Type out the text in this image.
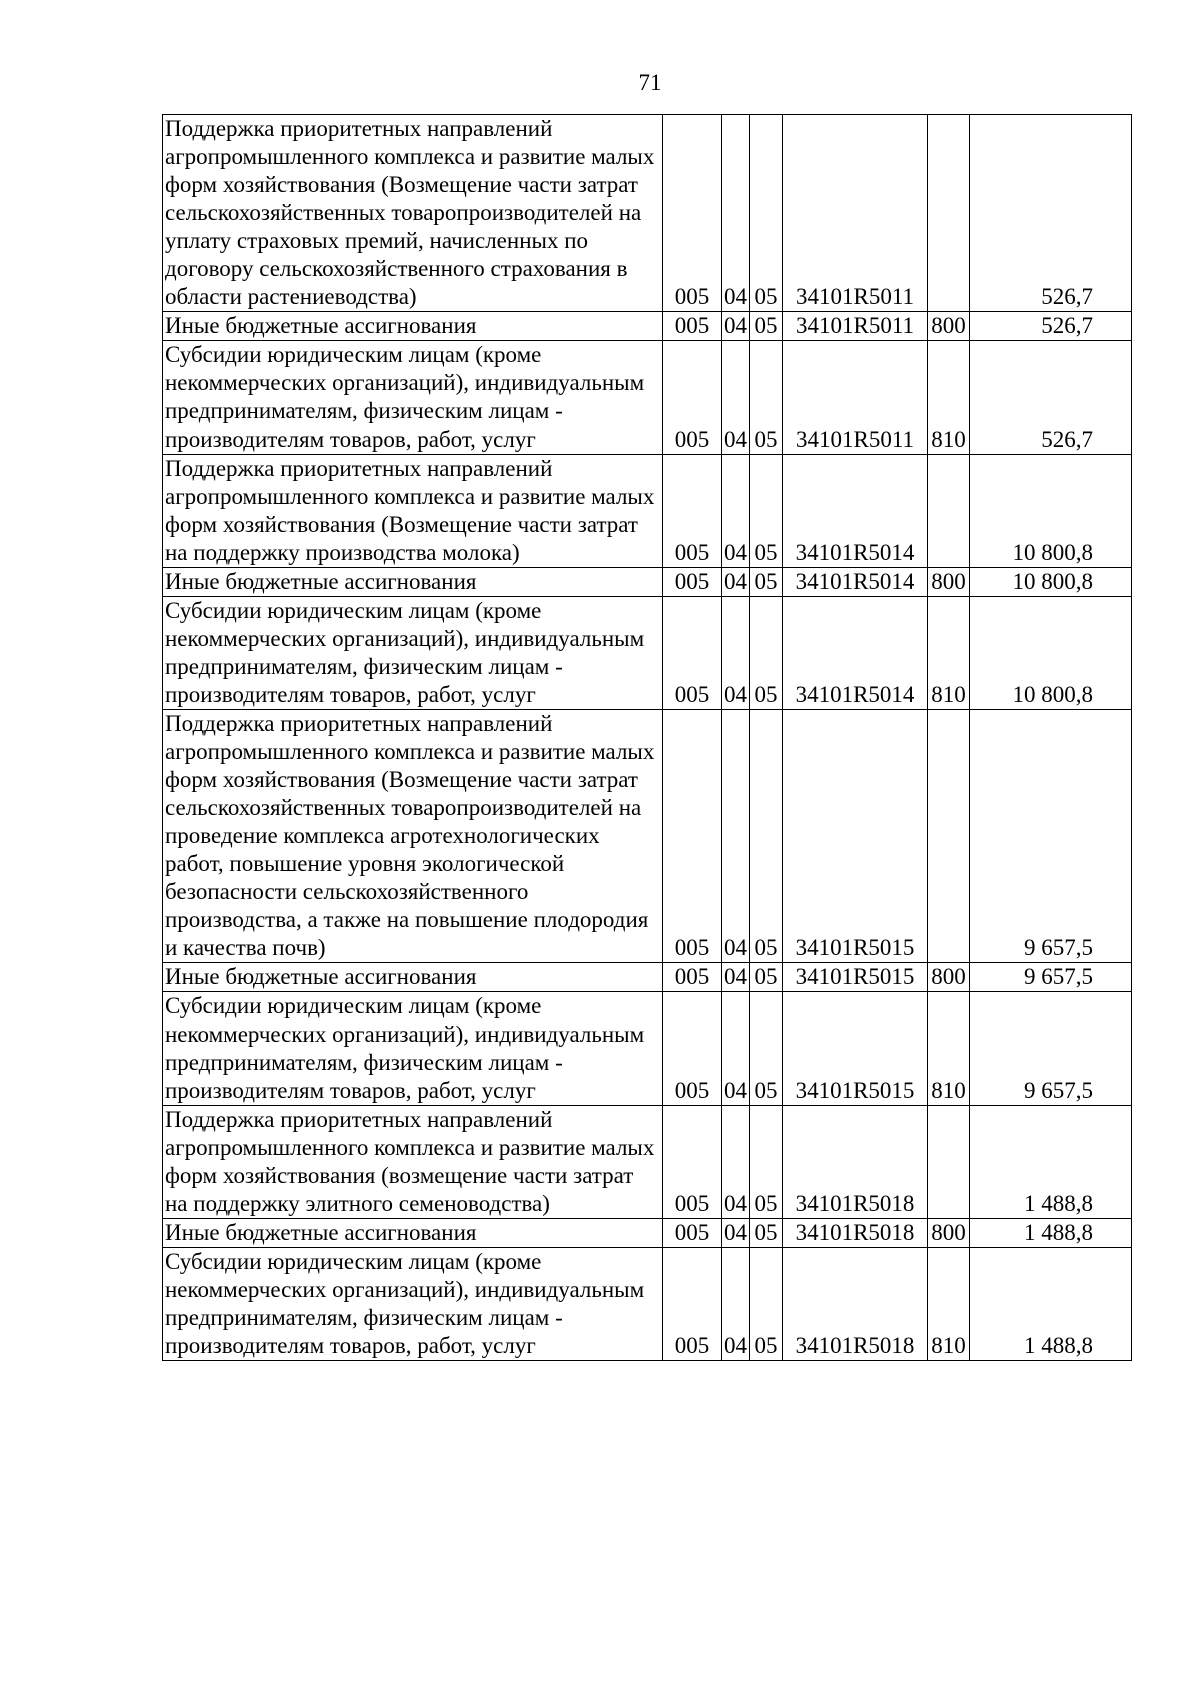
71
Поддержка приоритетных направлений агропромышленного комплекса и развитие малых форм хозяйствования (Возмещение части затрат сельскохозяйственных товаропроизводителей на уплату страховых премий, начисленных по договору сельскохозяйственного страхования в области растениеводства)	005	04	05	34101R5011		526,7
Иные бюджетные ассигнования	005	04	05	34101R5011	800	526,7
Субсидии юридическим лицам (кроме некоммерческих организаций), индивидуальным предпринимателям, физическим лицам - производителям товаров, работ, услуг	005	04	05	34101R5011	810	526,7
Поддержка приоритетных направлений агропромышленного комплекса и развитие малых форм хозяйствования (Возмещение части затрат на поддержку производства молока)	005	04	05	34101R5014		10 800,8
Иные бюджетные ассигнования	005	04	05	34101R5014	800	10 800,8
Субсидии юридическим лицам (кроме некоммерческих организаций), индивидуальным предпринимателям, физическим лицам - производителям товаров, работ, услуг	005	04	05	34101R5014	810	10 800,8
Поддержка приоритетных направлений агропромышленного комплекса и развитие малых форм хозяйствования (Возмещение части затрат сельскохозяйственных товаропроизводителей на проведение комплекса агротехнологических работ, повышение уровня экологической безопасности сельскохозяйственного производства, а также на повышение плодородия и качества почв)	005	04	05	34101R5015		9 657,5
Иные бюджетные ассигнования	005	04	05	34101R5015	800	9 657,5
Субсидии юридическим лицам (кроме некоммерческих организаций), индивидуальным предпринимателям, физическим лицам - производителям товаров, работ, услуг	005	04	05	34101R5015	810	9 657,5
Поддержка приоритетных направлений агропромышленного комплекса и развитие малых форм хозяйствования (возмещение части затрат на поддержку элитного семеноводства)	005	04	05	34101R5018		1 488,8
Иные бюджетные ассигнования	005	04	05	34101R5018	800	1 488,8
Субсидии юридическим лицам (кроме некоммерческих организаций), индивидуальным предпринимателям, физическим лицам - производителям товаров, работ, услуг	005	04	05	34101R5018	810	1 488,8
